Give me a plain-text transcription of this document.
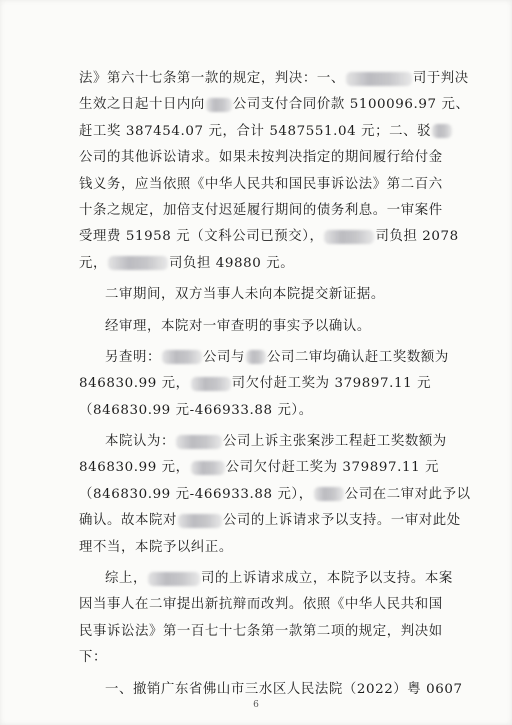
法》第六十七条第一款的规定，判决：一、	司于判决
生效之日起十日内向 公司支付合同价款 5100096.97 元、
赶工奖 387454.07 元，合计 5487551.04 元；二、驳
公司的其他诉讼请求。如果未按判决指定的期间履行给付金
钱义务，应当依照《中华人民共和国民事诉讼法》第二百六
十条之规定，加倍支付迟延履行期间的债务利息。一审案件
受理费 51958 元（文科公司已预交），	司负担 2078
元，	司负担 49880 元。
二审期间，双方当事人未向本院提交新证据。
经审理，本院对一审查明的事实予以确认。
另查明：	公司与 公司二审均确认赶工奖数额为
846830.99 元，	司欠付赶工奖为 379897.11 元
（846830.99 元-466933.88 元）。
本院认为：	公司上诉主张案涉工程赶工奖数额为
846830.99 元，	公司欠付赶工奖为 379897.11 元
（846830.99 元-466933.88 元）， 公司在二审对此予以
确认。故本院对	公司的上诉请求予以支持。一审对此处
理不当，本院予以纠正。
综上，	司的上诉请求成立，本院予以支持。本案
因当事人在二审提出新抗辩而改判。依照《中华人民共和国
民事诉讼法》第一百七十七条第一款第二项的规定，判决如
下：
一、撤销广东省佛山市三水区人民法院（2022）粤 0607
6
